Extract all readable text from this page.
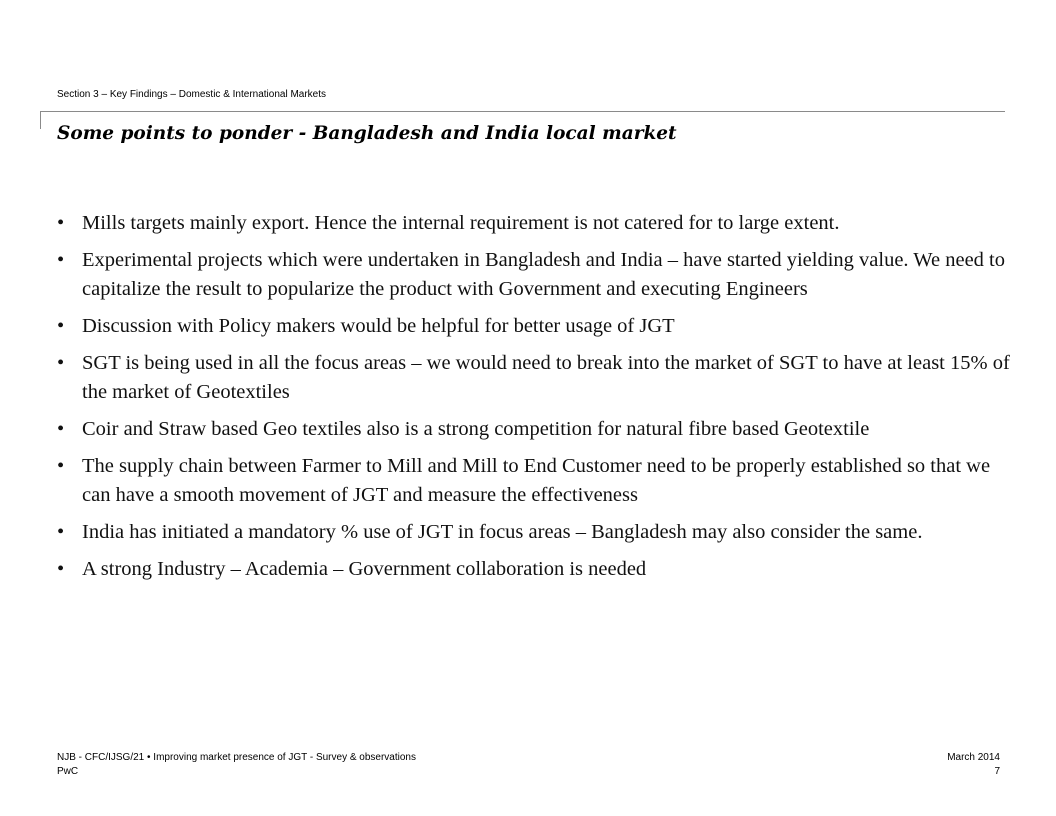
Section 3 – Key Findings – Domestic & International Markets
Some points to ponder - Bangladesh and India local market
• Mills targets mainly export. Hence the internal requirement is not catered for to large extent.
• Experimental projects which were undertaken in Bangladesh and India – have started yielding value. We need to capitalize the result to popularize the product with Government and executing Engineers
• Discussion with Policy makers would be helpful for better usage of JGT
• SGT is being used in all the focus areas – we would need to break into the market of SGT to have at least 15% of the market of Geotextiles
• Coir and Straw based Geo textiles also is a strong competition for natural fibre based Geotextile
• The supply chain between Farmer to Mill and Mill to End Customer need to be properly established so that we can have a smooth movement of JGT and measure the effectiveness
• India has initiated a mandatory % use of JGT in focus areas – Bangladesh may also consider the same.
• A strong Industry – Academia – Government collaboration is needed
NJB - CFC/IJSG/21 • Improving market presence of JGT - Survey & observations
PwC
March 2014
7
